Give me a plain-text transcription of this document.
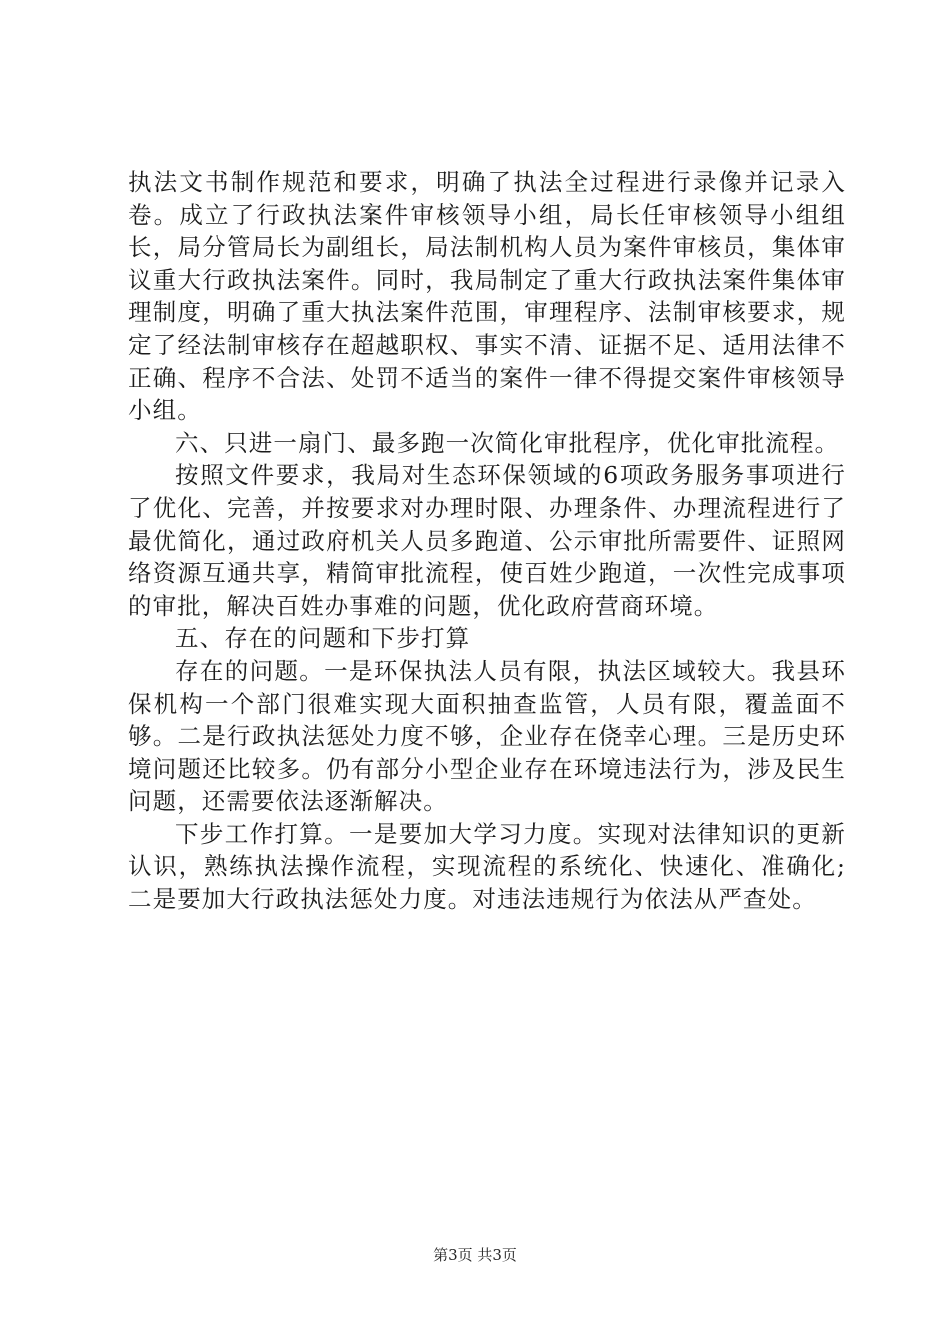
执法文书制作规范和要求，明确了执法全过程进行录像并记录入卷。成立了行政执法案件审核领导小组，局长任审核领导小组组长，局分管局长为副组长，局法制机构人员为案件审核员，集体审议重大行政执法案件。同时，我局制定了重大行政执法案件集体审理制度，明确了重大执法案件范围，审理程序、法制审核要求，规定了经法制审核存在超越职权、事实不清、证据不足、适用法律不正确、程序不合法、处罚不适当的案件一律不得提交案件审核领导小组。

六、只进一扇门、最多跑一次简化审批程序，优化审批流程。

按照文件要求，我局对生态环保领域的6项政务服务事项进行了优化、完善，并按要求对办理时限、办理条件、办理流程进行了最优简化，通过政府机关人员多跑道、公示审批所需要件、证照网络资源互通共享，精简审批流程，使百姓少跑道，一次性完成事项的审批，解决百姓办事难的问题，优化政府营商环境。

五、存在的问题和下步打算

存在的问题。一是环保执法人员有限，执法区域较大。我县环保机构一个部门很难实现大面积抽查监管，人员有限，覆盖面不够。二是行政执法惩处力度不够，企业存在侥幸心理。三是历史环境问题还比较多。仍有部分小型企业存在环境违法行为，涉及民生问题，还需要依法逐渐解决。

下步工作打算。一是要加大学习力度。实现对法律知识的更新认识，熟练执法操作流程，实现流程的系统化、快速化、准确化;二是要加大行政执法惩处力度。对违法违规行为依法从严查处。

第3页 共3页
